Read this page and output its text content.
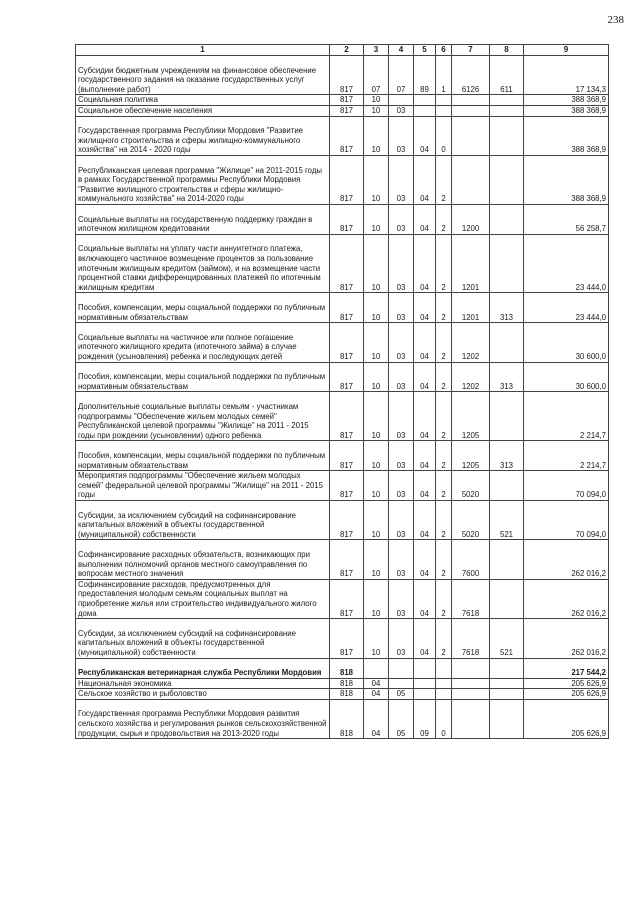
238
1	2	3	4	5	6	7	8	9
Субсидии бюджетным учреждениям на финансовое обеспечение государственного задания на оказание государственных услуг (выполнение работ)	817	07	07	89	1	6126	611	17 134,3
Социальная политика	817	10						388 368,9
Социальное обеспечение населения	817	10	03					388 368,9
Государственная программа Республики Мордовия "Развитие жилищного строительства и сферы жилищно-коммунального хозяйства" на 2014 - 2020 годы	817	10	03	04	0			388 368,9
Республиканская целевая программа "Жилище" на 2011-2015 годы в рамках Государственной программы Республики Мордовия "Развитие жилищного строительства и сферы жилищно-коммунального хозяйства" на 2014-2020 годы	817	10	03	04	2			388 368,9
Социальные выплаты на государственную поддержку граждан в ипотечном жилищном кредитовании	817	10	03	04	2	1200		56 258,7
Социальные выплаты на уплату части аннуитетного платежа, включающего частичное возмещение процентов за пользование ипотечным жилищным кредитом (займом), и на возмещение части процентной ставки дифференцированных платежей по ипотечным жилищным кредитам	817	10	03	04	2	1201		23 444,0
Пособия, компенсации, меры социальной поддержки по публичным нормативным обязательствам	817	10	03	04	2	1201	313	23 444,0
Социальные выплаты на частичное или полное погашение ипотечного жилищного кредита (ипотечного займа) в случае рождения (усыновления) ребенка и последующих детей	817	10	03	04	2	1202		30 600,0
Пособия, компенсации, меры социальной поддержки по публичным нормативным обязательствам	817	10	03	04	2	1202	313	30 600,0
Дополнительные социальные выплаты семьям - участникам подпрограммы "Обеспечение жильем молодых семей" Республиканской целевой программы "Жилище" на 2011 - 2015 годы при рождении (усыновлении) одного ребенка	817	10	03	04	2	1205		2 214,7
Пособия, компенсации, меры социальной поддержки по публичным нормативным обязательствам	817	10	03	04	2	1205	313	2 214,7
Мероприятия подпрограммы "Обеспечение жильем молодых семей" федеральной целевой программы "Жилище" на 2011 - 2015 годы	817	10	03	04	2	5020		70 094,0
Субсидии, за исключением субсидий на софинансирование капитальных вложений в объекты государственной (муниципальной) собственности	817	10	03	04	2	5020	521	70 094,0
Софинансирование расходных обязательств, возникающих при выполнении полномочий органов местного самоуправления по вопросам местного значения	817	10	03	04	2	7600		262 016,2
Софинансирование расходов, предусмотренных для предоставления молодым семьям социальных выплат на приобретение жилья или строительство индивидуального жилого дома	817	10	03	04	2	7618		262 016,2
Субсидии, за исключением субсидий на софинансирование капитальных вложений в объекты государственной (муниципальной) собственности	817	10	03	04	2	7618	521	262 016,2
Республиканская ветеринарная служба Республики Мордовия	818							217 544,2
Национальная экономика	818	04						205 626,9
Сельское хозяйство и рыболовство	818	04	05					205 626,9
Государственная программа Республики Мордовия развития сельского хозяйства и регулирования рынков сельскохозяйственной продукции, сырья и продовольствия на 2013-2020 годы	818	04	05	09	0			205 626,9
